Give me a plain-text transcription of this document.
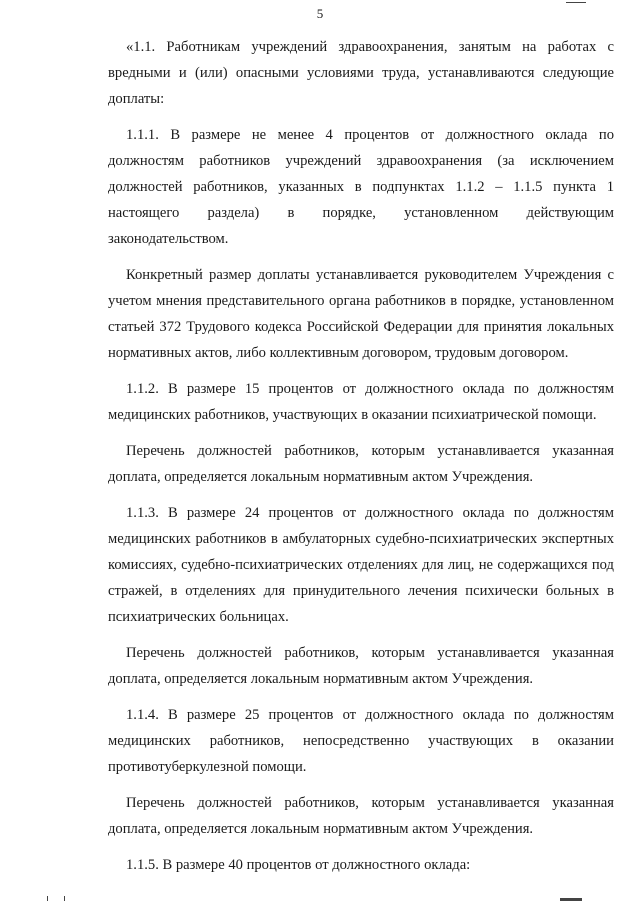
5

«1.1. Работникам учреждений здравоохранения, занятым на работах с вредными и (или) опасными условиями труда, устанавливаются следующие доплаты:

1.1.1. В размере не менее 4 процентов от должностного оклада по должностям работников учреждений здравоохранения (за исключением должностей работников, указанных в подпунктах 1.1.2 – 1.1.5 пункта 1 настоящего раздела) в порядке, установленном действующим законодательством.

Конкретный размер доплаты устанавливается руководителем Учреждения с учетом мнения представительного органа работников в порядке, установленном статьей 372 Трудового кодекса Российской Федерации для принятия локальных нормативных актов, либо коллективным договором, трудовым договором.

1.1.2. В размере 15 процентов от должностного оклада по должностям медицинских работников, участвующих в оказании психиатрической помощи.

Перечень должностей работников, которым устанавливается указанная доплата, определяется локальным нормативным актом Учреждения.

1.1.3. В размере 24 процентов от должностного оклада по должностям медицинских работников в амбулаторных судебно-психиатрических экспертных комиссиях, судебно-психиатрических отделениях для лиц, не содержащихся под стражей, в отделениях для принудительного лечения психически больных в психиатрических больницах.

Перечень должностей работников, которым устанавливается указанная доплата, определяется локальным нормативным актом Учреждения.

1.1.4. В размере 25 процентов от должностного оклада по должностям медицинских работников, непосредственно участвующих в оказании противотуберкулезной помощи.

Перечень должностей работников, которым устанавливается указанная доплата, определяется локальным нормативным актом Учреждения.

1.1.5. В размере 40 процентов от должностного оклада:
